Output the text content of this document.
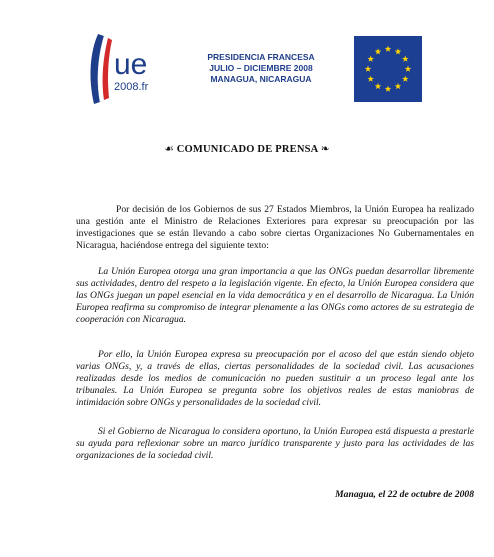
ue
2008.fr
PRESIDENCIA FRANCESA
JULIO – DICIEMBRE 2008
MANAGUA, NICARAGUA
☙ COMUNICADO DE PRENSA ❧
Por decisión de los Gobiernos de sus 27 Estados Miembros, la Unión Europea ha realizado una gestión ante el Ministro de Relaciones Exteriores para expresar su preocupación por las investigaciones que se están llevando a cabo sobre ciertas Organizaciones No Gubernamentales en Nicaragua, haciéndose entrega del siguiente texto:
La Unión Europea otorga una gran importancia a que las ONGs puedan desarrollar libremente sus actividades, dentro del respeto a la legislación vigente. En efecto, la Unión Europea considera que las ONGs juegan un papel esencial en la vida democrática y en el desarrollo de Nicaragua. La Unión Europea reafirma su compromiso de integrar plenamente a las ONGs como actores de su estrategia de cooperación con Nicaragua.
Por ello, la Unión Europea expresa su preocupación por el acoso del que están siendo objeto varias ONGs, y, a través de ellas, ciertas personalidades de la sociedad civil. Las acusaciones realizadas desde los medios de comunicación no pueden sustituir a un proceso legal ante los tribunales. La Unión Europea se pregunta sobre los objetivos reales de estas maniobras de intimidación sobre ONGs y personalidades de la sociedad civil.
Si el Gobierno de Nicaragua lo considera oportuno, la Unión Europea está dispuesta a prestarle su ayuda para reflexionar sobre un marco jurídico transparente y justo para las actividades de las organizaciones de la sociedad civil.
Managua, el 22 de octubre de 2008
